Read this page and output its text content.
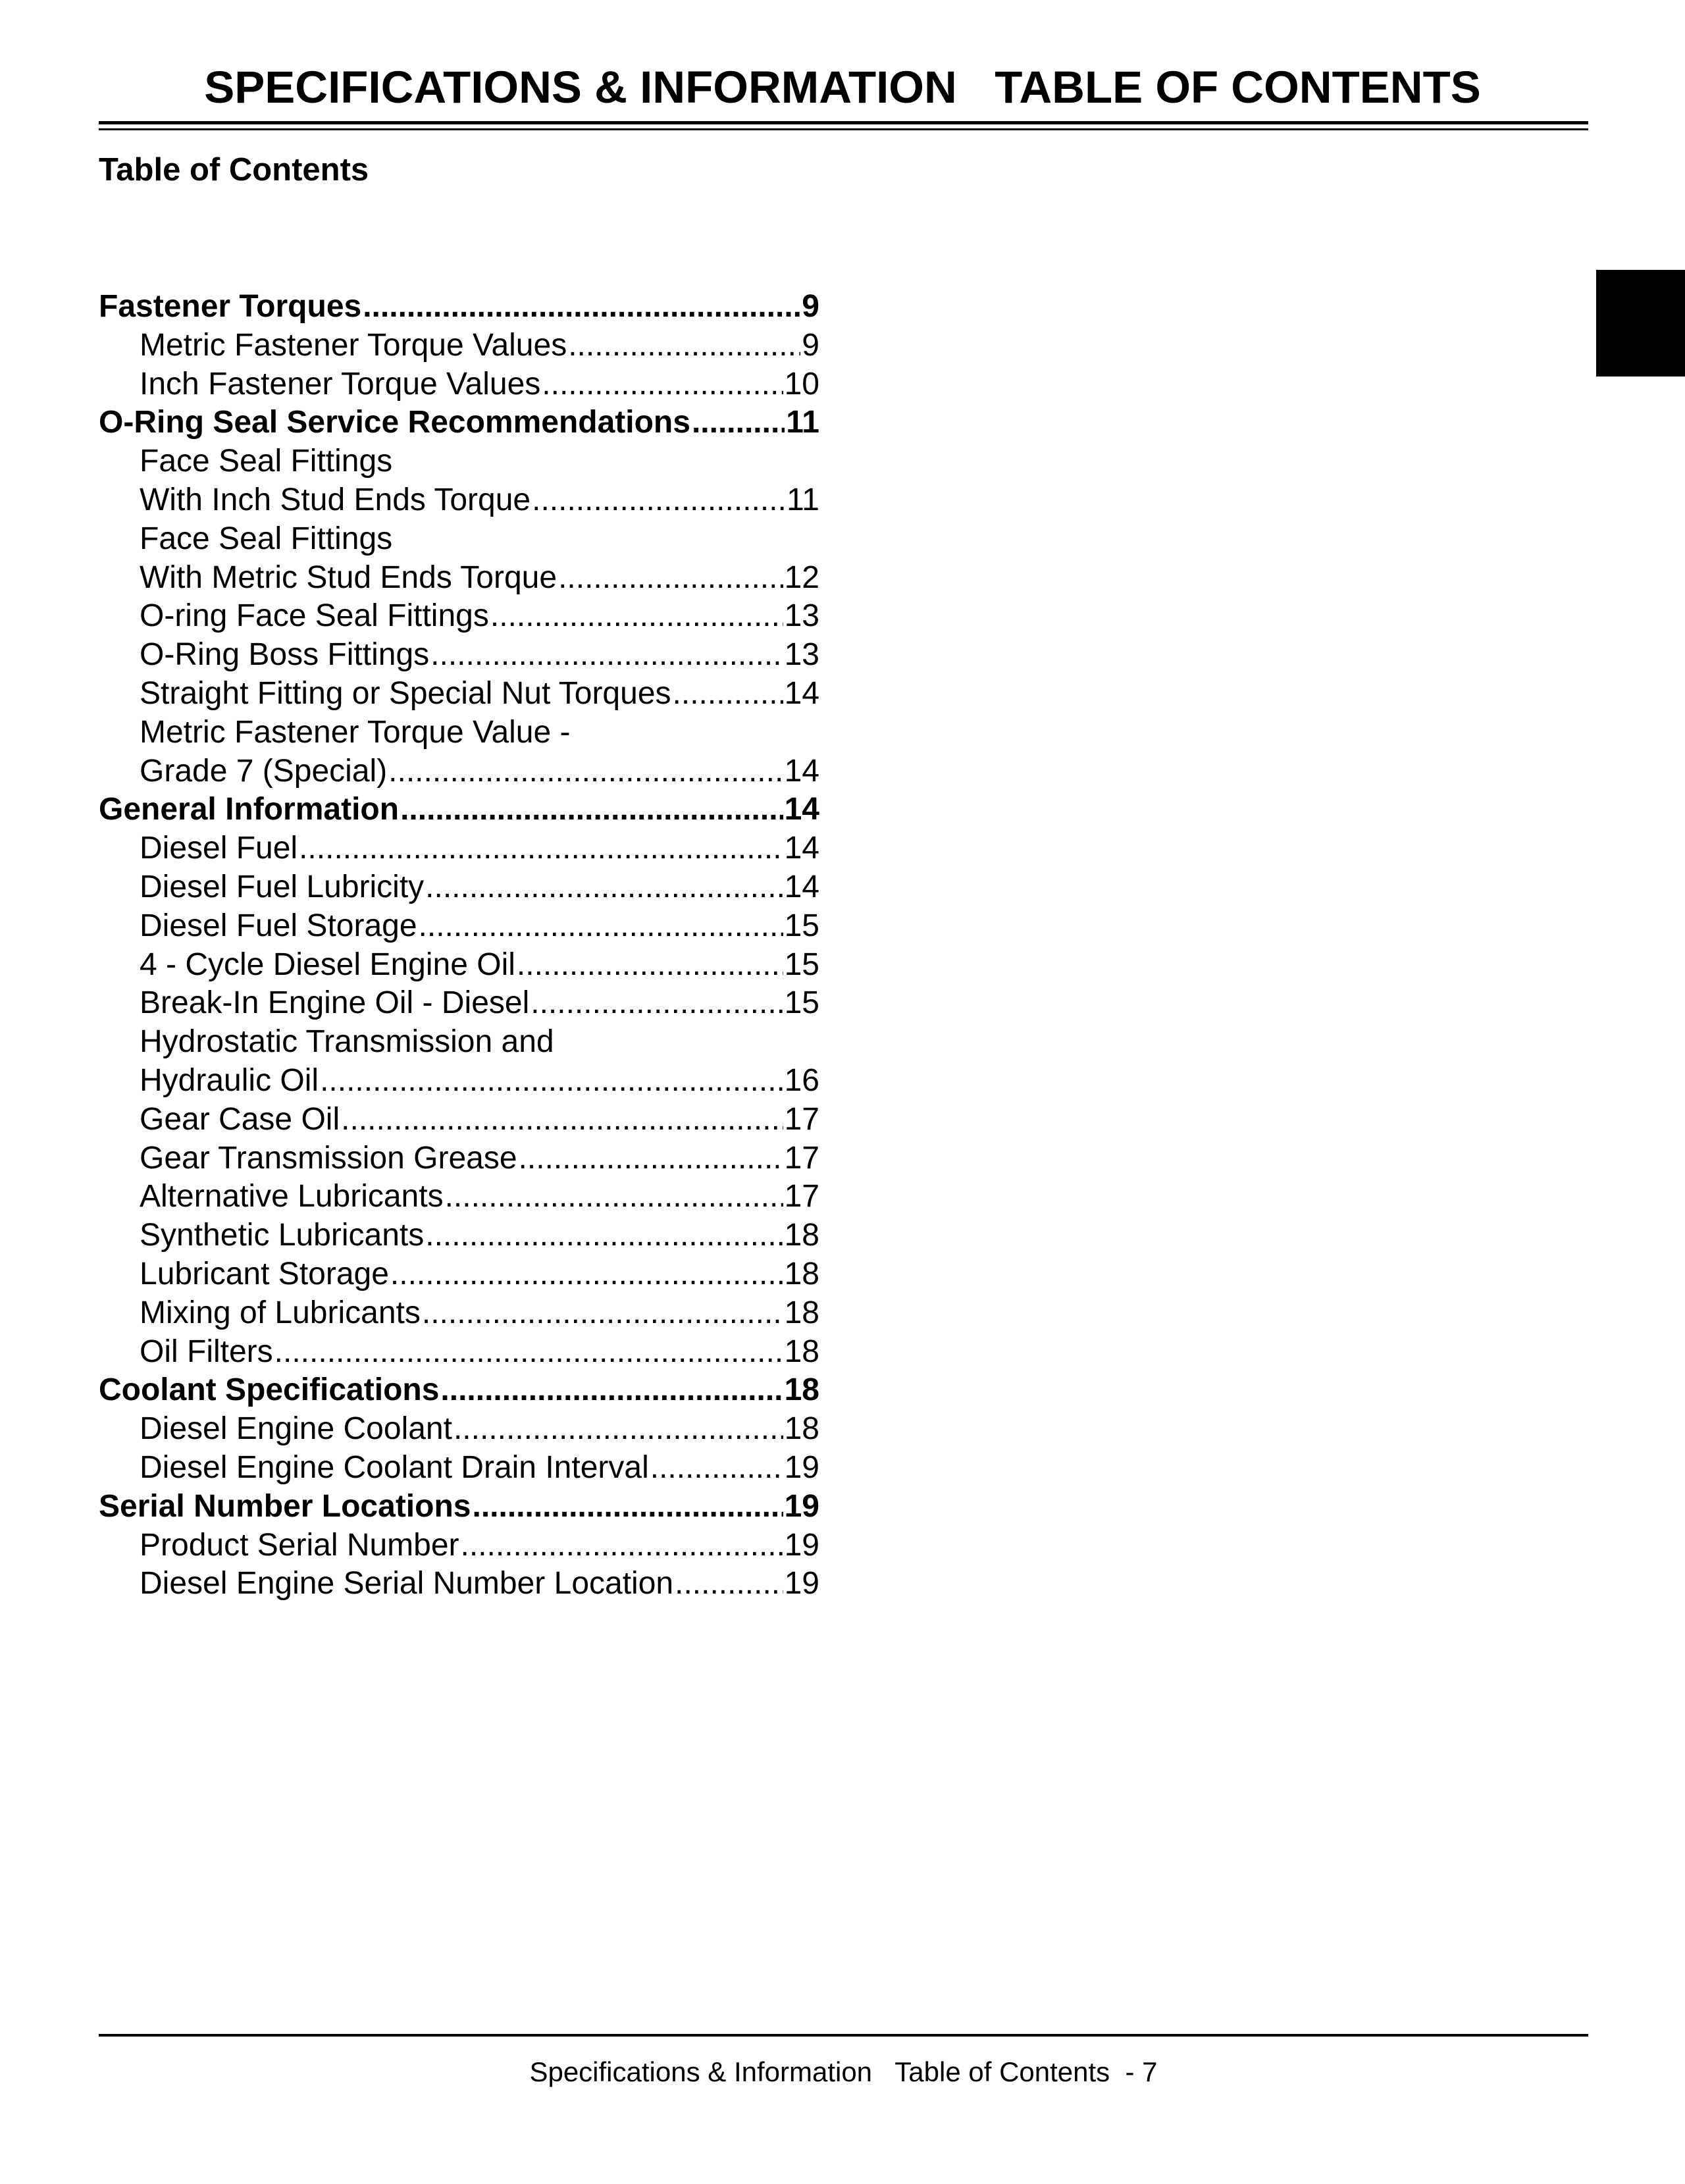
SPECIFICATIONS & INFORMATION   TABLE OF CONTENTS
Table of Contents
Fastener Torques .....	9
Metric Fastener Torque Values .....	9
Inch Fastener Torque Values .....	10
O-Ring Seal Service Recommendations .....	11
Face Seal Fittings
With Inch Stud Ends Torque .....	11
Face Seal Fittings
With Metric Stud Ends Torque .....	12
O-ring Face Seal Fittings .....	13
O-Ring Boss Fittings .....	13
Straight Fitting or Special Nut Torques .....	14
Metric Fastener Torque Value -
Grade 7 (Special) .....	14
General Information .....	14
Diesel Fuel .....	14
Diesel Fuel Lubricity .....	14
Diesel Fuel Storage .....	15
4 - Cycle Diesel Engine Oil .....	15
Break-In Engine Oil - Diesel .....	15
Hydrostatic Transmission and
Hydraulic Oil .....	16
Gear Case Oil .....	17
Gear Transmission Grease .....	17
Alternative Lubricants .....	17
Synthetic Lubricants .....	18
Lubricant Storage .....	18
Mixing of Lubricants .....	18
Oil Filters .....	18
Coolant Specifications .....	18
Diesel Engine Coolant .....	18
Diesel Engine Coolant Drain Interval .....	19
Serial Number Locations .....	19
Product Serial Number .....	19
Diesel Engine Serial Number Location .....	19
Specifications & Information   Table of Contents  - 7
